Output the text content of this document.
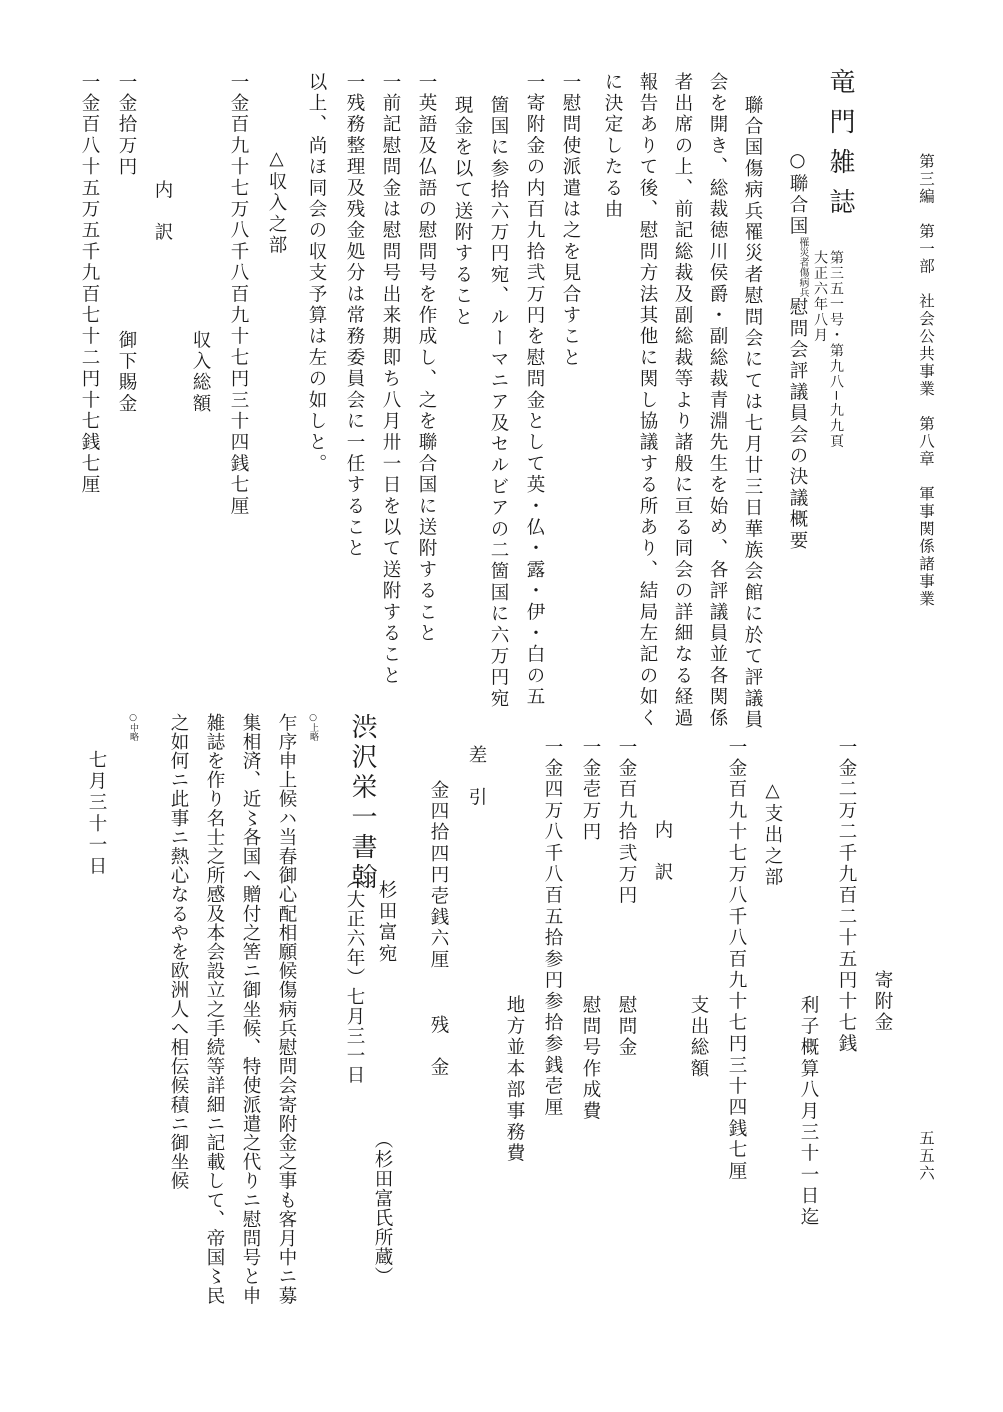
第三編　第一部　社会公共事業　第八章　軍事関係諸事業
五五六
竜門雑誌
第三五一号・第九八−九九頁
大正六年八月
○聯合国
傷病兵
罹災者
慰問会評議員会の決議概要
聯合国傷病兵罹災者慰問会にては七月廿三日華族会館に於て評議員
会を開き、総裁徳川侯爵・副総裁青淵先生を始め、各評議員並各関係
者出席の上、前記総裁及副総裁等より諸般に亘る同会の詳細なる経過
報告ありて後、慰問方法其他に関し協議する所あり、結局左記の如く
に決定したる由
一慰問使派遣は之を見合すこと
一寄附金の内百九拾弐万円を慰問金として英・仏・露・伊・白の五
箇国に参拾六万円宛、ルーマニア及セルビアの二箇国に六万円宛
現金を以て送附すること
一英語及仏語の慰問号を作成し、之を聯合国に送附すること
一前記慰問金は慰問号出来期即ち八月卅一日を以て送附すること
一残務整理及残金処分は常務委員会に一任すること
以上、尚ほ同会の収支予算は左の如しと。
△収入之部
一金百九十七万八千八百九十七円三十四銭七厘
収入総額
内　訳
一金拾万円
御下賜金
一金百八十五万五千九百七十二円十七銭七厘
寄附金
一金二万二千九百二十五円十七銭
利子概算八月三十一日迄
△支出之部
一金百九十七万八千八百九十七円三十四銭七厘
支出総額
内　訳
一金百九拾弐万円
慰問金
一金壱万円
慰問号作成費
一金四万八千八百五拾参円参拾参銭壱厘
地方並本部事務費
差　引
金四拾四円壱銭六厘
残　金
渋沢栄一書翰
杉田富宛
（大正六年）七月三一日
（杉田富氏所蔵）
○上略
乍序申上候ハ当春御心配相願候傷病兵慰問会寄附金之事も客月中ニ募
集相済、近〻各国へ贈付之筈ニ御坐候、特使派遣之代りニ慰問号と申
雑誌を作り名士之所感及本会設立之手続等詳細ニ記載して、帝国〻民
之如何ニ此事ニ熱心なるやを欧洲人へ相伝候積ニ御坐候
○中略
七月三十一日
